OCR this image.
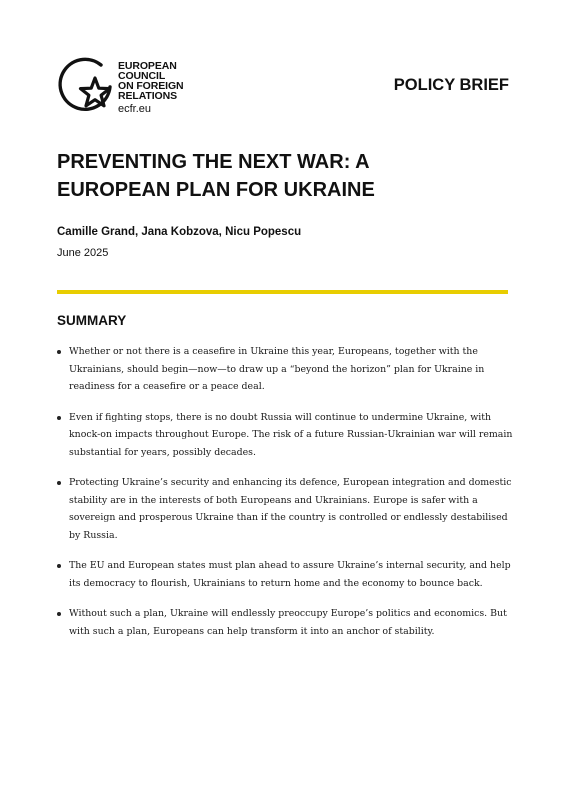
EUROPEAN
COUNCIL
ON FOREIGN
RELATIONS
ecfr.eu
POLICY BRIEF
PREVENTING THE NEXT WAR: A
EUROPEAN PLAN FOR UKRAINE
Camille Grand, Jana Kobzova, Nicu Popescu
June 2025
SUMMARY
Whether or not there is a ceasefire in Ukraine this year, Europeans, together with the Ukrainians, should begin—now—to draw up a “beyond the horizon” plan for Ukraine in readiness for a ceasefire or a peace deal.
Even if fighting stops, there is no doubt Russia will continue to undermine Ukraine, with knock-on impacts throughout Europe. The risk of a future Russian-Ukrainian war will remain substantial for years, possibly decades.
Protecting Ukraine’s security and enhancing its defence, European integration and domestic stability are in the interests of both Europeans and Ukrainians. Europe is safer with a sovereign and prosperous Ukraine than if the country is controlled or endlessly destabilised by Russia.
The EU and European states must plan ahead to assure Ukraine’s internal security, and help its democracy to flourish, Ukrainians to return home and the economy to bounce back.
Without such a plan, Ukraine will endlessly preoccupy Europe’s politics and economics. But with such a plan, Europeans can help transform it into an anchor of stability.
